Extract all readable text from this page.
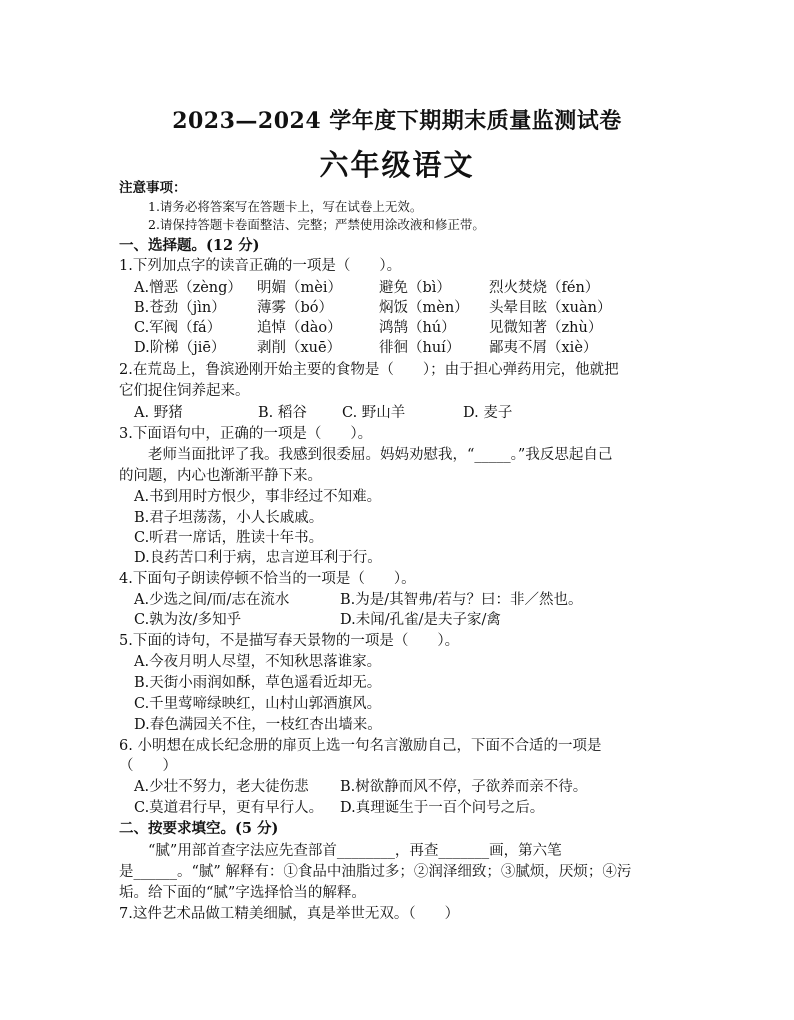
2023—2024 学年度下期期末质量监测试卷
六年级语文
注意事项：
1.请务必将答案写在答题卡上，写在试卷上无效。
2.请保持答题卡卷面整洁、完整；严禁使用涂改液和修正带。
一、选择题。(12 分)
1.下列加点字的读音正确的一项是（　　）。
A.憎恶（zèng） 明媚（mèi）	避免（bì）	烈火焚烧（fén）
B.苍劲（jìn） 薄雾（bó）	焖饭（mèn） 头晕目眩（xuàn）
C.军阀（fá） 追悼（dào）	鸿鹄（hú） 见微知著（zhù）
D.阶梯（jiē） 剥削（xuē）	徘徊（huí） 鄙夷不屑（xiè）
2.在荒岛上，鲁滨逊刚开始主要的食物是（　　）；由于担心弹药用完，他就把
它们捉住饲养起来。
A. 野猪	B. 稻谷 C. 野山羊	D. 麦子
3.下面语句中，正确的一项是（　　）。
老师当面批评了我。我感到很委屈。妈妈劝慰我，“_____。”我反思起自己
的问题，内心也渐渐平静下来。
A.书到用时方恨少，事非经过不知难。
B.君子坦荡荡，小人长戚戚。
C.听君一席话，胜读十年书。
D.良药苦口利于病，忠言逆耳利于行。
4.下面句子朗读停顿不恰当的一项是（　　）。
A.少选之间/而/志在流水	B.为是/其智弗/若与？曰：非／然也。
C.孰为汝/多知乎	D.未闻/孔雀/是夫子家/禽
5.下面的诗句，不是描写春天景物的一项是（　　）。
A.今夜月明人尽望，不知秋思落谁家。
B.天街小雨润如酥，草色遥看近却无。
C.千里莺啼绿映红，山村山郭酒旗风。
D.春色满园关不住，一枝红杏出墙来。
6. 小明想在成长纪念册的扉页上选一句名言激励自己，下面不合适的一项是
（　　）
A.少壮不努力，老大徒伤悲 B.树欲静而风不停，子欲养而亲不待。
C.莫道君行早，更有早行人。 D.真理诞生于一百个问号之后。
二、按要求填空。(5 分)
“腻”用部首查字法应先查部首________，再查_______画，第六笔
是______。“腻” 解释有：①食品中油脂过多；②润泽细致；③腻烦，厌烦；④污
垢。给下面的“腻”字选择恰当的解释。
7.这件艺术品做工精美细腻，真是举世无双。（　　）
